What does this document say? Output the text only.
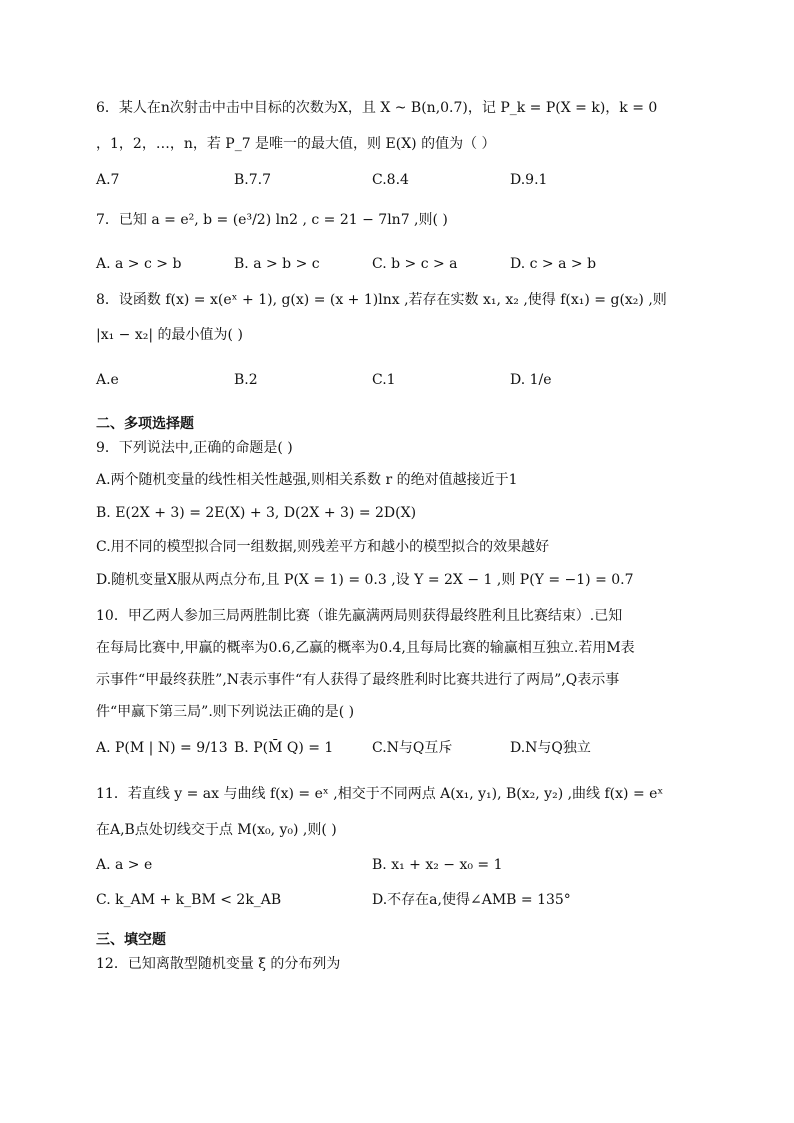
6．某人在n次射击中击中目标的次数为X，且 X ~ B(n,0.7)，记 P_k = P(X = k)，k = 0
，1，2，…，n，若 P_7 是唯一的最大值，则 E(X) 的值为（ ）
A.7	B.7.7	C.8.4	D.9.1
7．已知 a = e², b = (e³/2) ln2 , c = 21 − 7ln7 ,则( )
A. a > c > b	B. a > b > c	C. b > c > a	D. c > a > b
8．设函数 f(x) = x(eˣ + 1), g(x) = (x + 1)lnx ,若存在实数 x₁, x₂ ,使得 f(x₁) = g(x₂) ,则
|x₁ − x₂| 的最小值为( )
A.e	B.2	C.1	D. 1/e
二、多项选择题
9．下列说法中,正确的命题是( )
A.两个随机变量的线性相关性越强,则相关系数 r 的绝对值越接近于1
B. E(2X + 3) = 2E(X) + 3, D(2X + 3) = 2D(X)
C.用不同的模型拟合同一组数据,则残差平方和越小的模型拟合的效果越好
D.随机变量X服从两点分布,且 P(X = 1) = 0.3 ,设 Y = 2X − 1 ,则 P(Y = −1) = 0.7
10．甲乙两人参加三局两胜制比赛（谁先赢满两局则获得最终胜利且比赛结束）.已知
在每局比赛中,甲赢的概率为0.6,乙赢的概率为0.4,且每局比赛的输赢相互独立.若用M表
示事件“甲最终获胜”,N表示事件“有人获得了最终胜利时比赛共进行了两局”,Q表示事
件“甲赢下第三局”.则下列说法正确的是( )
A. P(M | N) = 9/13 B. P(M̄ Q) = 1	C.N与Q互斥	D.N与Q独立
11．若直线 y = ax 与曲线 f(x) = eˣ ,相交于不同两点 A(x₁, y₁), B(x₂, y₂) ,曲线 f(x) = eˣ
在A,B点处切线交于点 M(x₀, y₀) ,则( )
A. a > e	B. x₁ + x₂ − x₀ = 1
C. k_AM + k_BM < 2k_AB	D.不存在a,使得∠AMB = 135°
三、填空题
12．已知离散型随机变量 ξ 的分布列为
